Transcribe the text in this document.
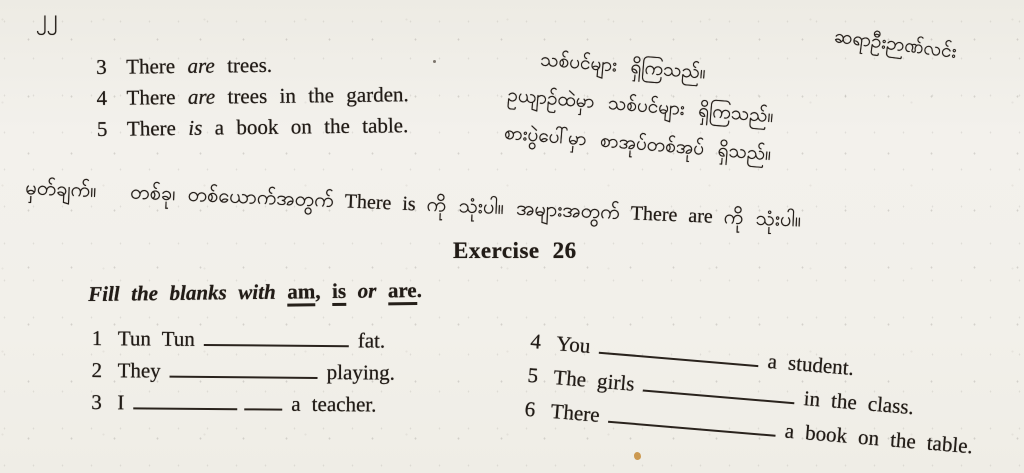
၂၂
ဆရာဦးဉာဏ်လင်း
3 There are trees.
4 There are trees in the garden.
5 There is a book on the table.
သစ်ပင်များ ရှိကြသည်။
ဥယျာဉ်ထဲမှာ သစ်ပင်များ ရှိကြသည်။
စားပွဲပေါ်မှာ စာအုပ်တစ်အုပ် ရှိသည်။
မှတ်ချက်။ တစ်ခု၊ တစ်ယောက်အတွက် There is ကို သုံးပါ။ အများအတွက် There are ကို သုံးပါ။
Exercise 26
Fill the blanks with am, is or are.
1 Tun Tun	fat.
2 They	playing.
3 I	a teacher.
4 Youa student.
5 The girlsin the class.
6 Therea book on the table.
